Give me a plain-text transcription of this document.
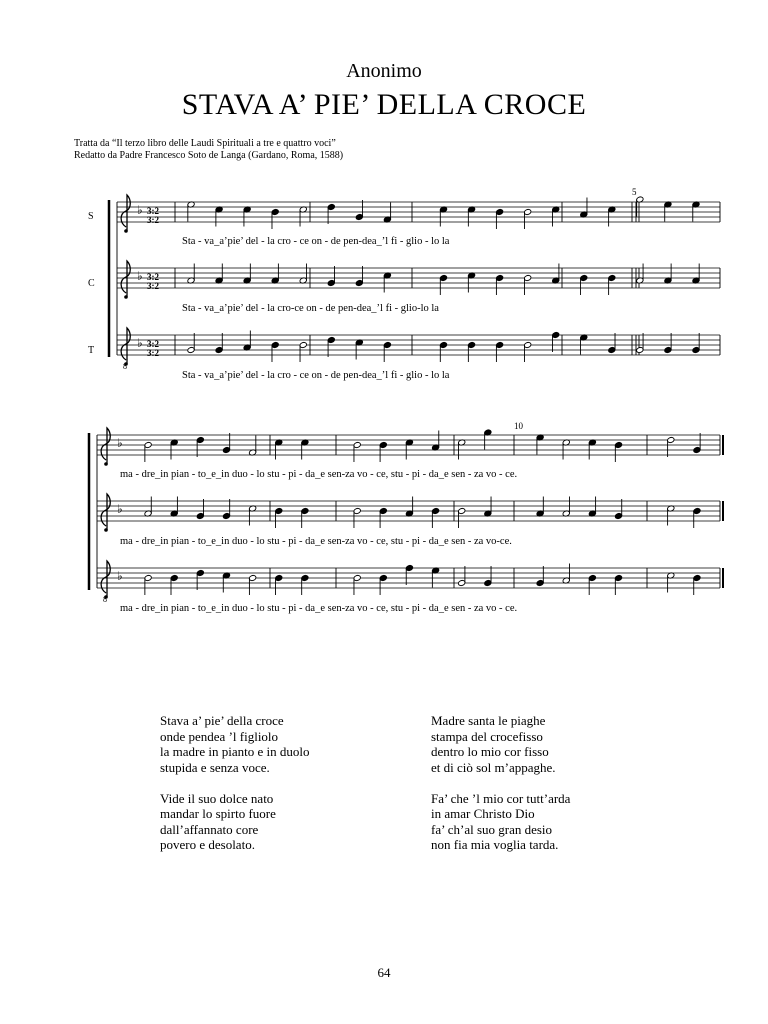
Anonimo
STAVA A’ PIE’ DELLA CROCE
Tratta da “Il terzo libro delle Laudi Spirituali a tre e quattro voci”
Redatto da Padre Francesco Soto de Langa (Gardano, Roma, 1588)
S
C
T
5
10
♭ 3:2
3:2
♭ 3:2
3:2
8
♭ 3:2
3:2
♭
♭
8
♭
Sta - va_a’pie’ del - la cro - ce on - de pen-dea_’l fi - glio - lo la
Sta - va_a’pie’ del - la cro-ce on - de pen-dea_’l fi - glio-lo la
Sta - va_a’pie’ del - la cro - ce on - de pen-dea_’l fi - glio - lo la
ma - dre_in pian - to_e_in duo - lo stu - pi - da_e sen-za vo - ce, stu - pi - da_e sen - za vo - ce.
ma - dre_in pian - to_e_in duo - lo stu - pi - da_e sen-za vo - ce, stu - pi - da_e sen - za vo-ce.
ma - dre_in pian - to_e_in duo - lo stu - pi - da_e sen-za vo - ce, stu - pi - da_e sen - za vo - ce.
Stava a’ pie’ della croce
onde pendea ’l figliolo
la madre in pianto e in duolo
stupida e senza voce.
Vide il suo dolce nato
mandar lo spirto fuore
dall’affannato core
povero e desolato.
Madre santa le piaghe
stampa del crocefisso
dentro lo mio cor fisso
et di ciò sol m’appaghe.
Fa’ che ’l mio cor tutt’arda
in amar Christo Dio
fa’ ch’al suo gran desio
non fia mia voglia tarda.
64
